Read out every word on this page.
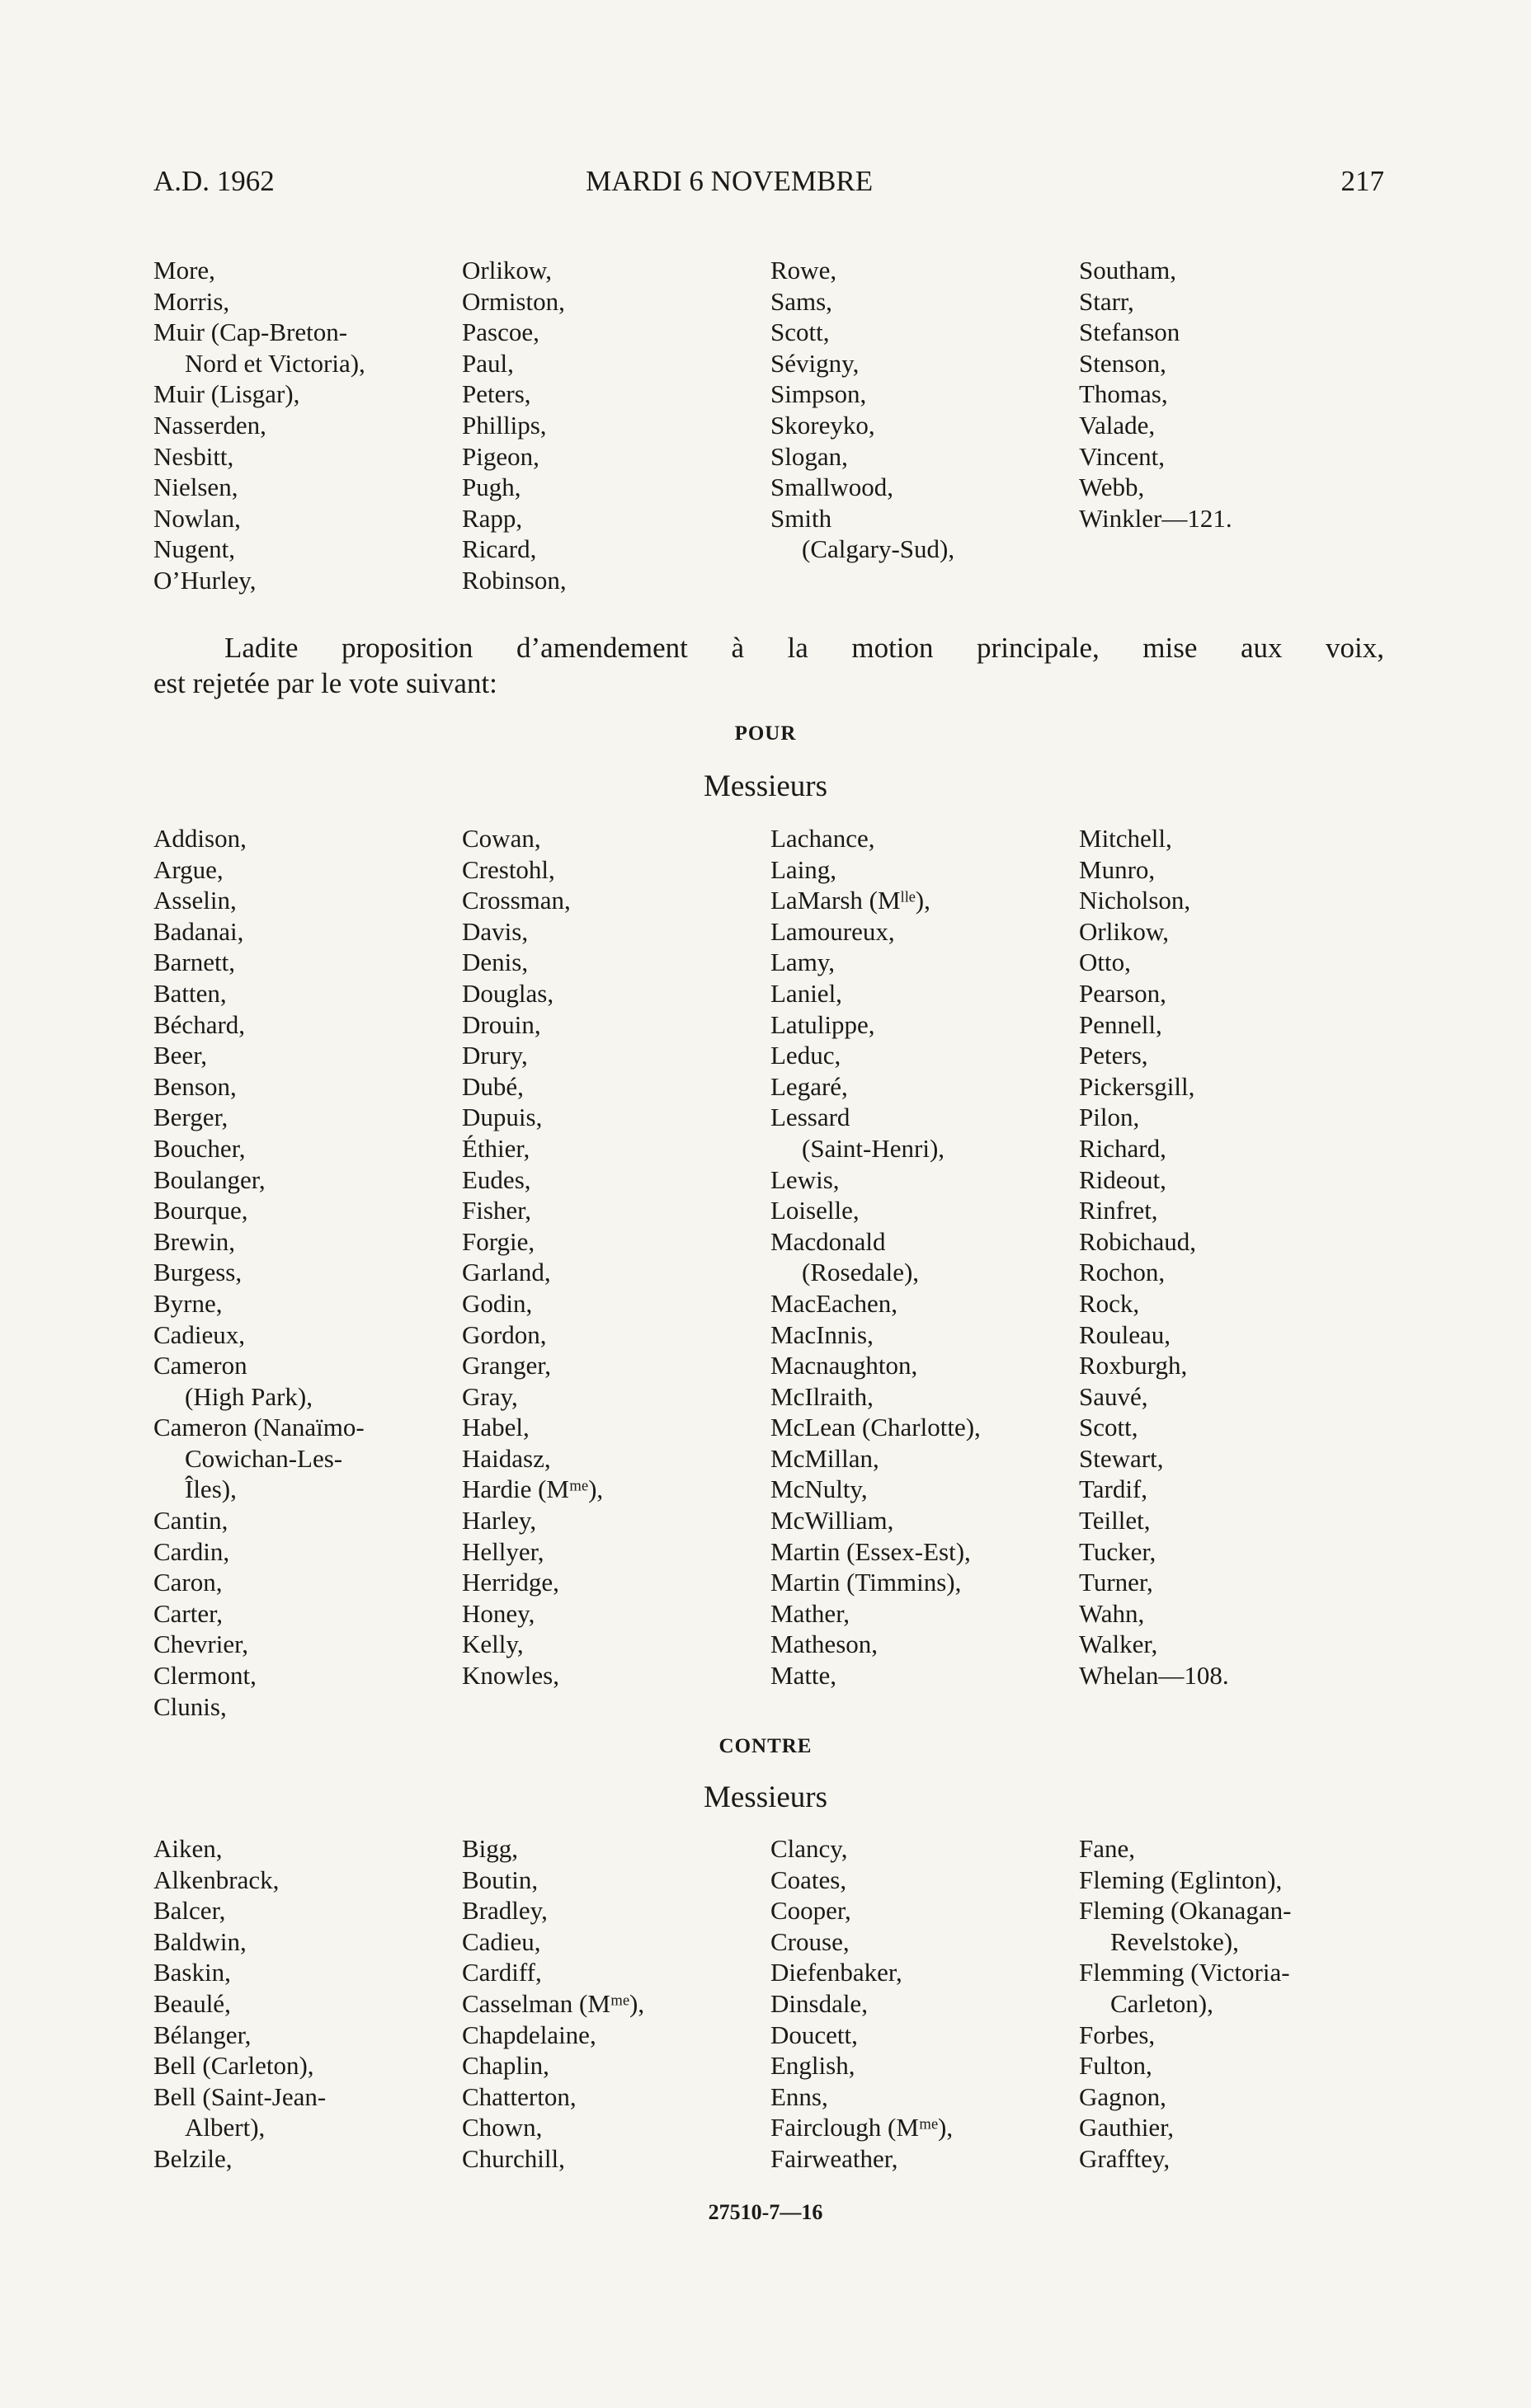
A.D. 1962	MARDI 6 NOVEMBRE	217
More,
Morris,
Muir (Cap-Breton-
Nord et Victoria),
Muir (Lisgar),
Nasserden,
Nesbitt,
Nielsen,
Nowlan,
Nugent,
O’Hurley,
Orlikow,
Ormiston,
Pascoe,
Paul,
Peters,
Phillips,
Pigeon,
Pugh,
Rapp,
Ricard,
Robinson,
Rowe,
Sams,
Scott,
Sévigny,
Simpson,
Skoreyko,
Slogan,
Smallwood,
Smith
(Calgary-Sud),
Southam,
Starr,
Stefanson
Stenson,
Thomas,
Valade,
Vincent,
Webb,
Winkler—121.
Ladite proposition d’amendement à la motion principale, mise aux voix,
est rejetée par le vote suivant:
POUR
Messieurs
Addison,
Argue,
Asselin,
Badanai,
Barnett,
Batten,
Béchard,
Beer,
Benson,
Berger,
Boucher,
Boulanger,
Bourque,
Brewin,
Burgess,
Byrne,
Cadieux,
Cameron
(High Park),
Cameron (Nanaïmo-
Cowichan-Les-
Îles),
Cantin,
Cardin,
Caron,
Carter,
Chevrier,
Clermont,
Clunis,
Cowan,
Crestohl,
Crossman,
Davis,
Denis,
Douglas,
Drouin,
Drury,
Dubé,
Dupuis,
Éthier,
Eudes,
Fisher,
Forgie,
Garland,
Godin,
Gordon,
Granger,
Gray,
Habel,
Haidasz,
Hardie (Mᵐᵉ),
Harley,
Hellyer,
Herridge,
Honey,
Kelly,
Knowles,
Lachance,
Laing,
LaMarsh (Mˡˡᵉ),
Lamoureux,
Lamy,
Laniel,
Latulippe,
Leduc,
Legaré,
Lessard
(Saint-Henri),
Lewis,
Loiselle,
Macdonald
(Rosedale),
MacEachen,
MacInnis,
Macnaughton,
McIlraith,
McLean (Charlotte),
McMillan,
McNulty,
McWilliam,
Martin (Essex-Est),
Martin (Timmins),
Mather,
Matheson,
Matte,
Mitchell,
Munro,
Nicholson,
Orlikow,
Otto,
Pearson,
Pennell,
Peters,
Pickersgill,
Pilon,
Richard,
Rideout,
Rinfret,
Robichaud,
Rochon,
Rock,
Rouleau,
Roxburgh,
Sauvé,
Scott,
Stewart,
Tardif,
Teillet,
Tucker,
Turner,
Wahn,
Walker,
Whelan—108.
CONTRE
Messieurs
Aiken,
Alkenbrack,
Balcer,
Baldwin,
Baskin,
Beaulé,
Bélanger,
Bell (Carleton),
Bell (Saint-Jean-
Albert),
Belzile,
Bigg,
Boutin,
Bradley,
Cadieu,
Cardiff,
Casselman (Mᵐᵉ),
Chapdelaine,
Chaplin,
Chatterton,
Chown,
Churchill,
Clancy,
Coates,
Cooper,
Crouse,
Diefenbaker,
Dinsdale,
Doucett,
English,
Enns,
Fairclough (Mᵐᵉ),
Fairweather,
Fane,
Fleming (Eglinton),
Fleming (Okanagan-
Revelstoke),
Flemming (Victoria-
Carleton),
Forbes,
Fulton,
Gagnon,
Gauthier,
Grafftey,
27510-7—16
